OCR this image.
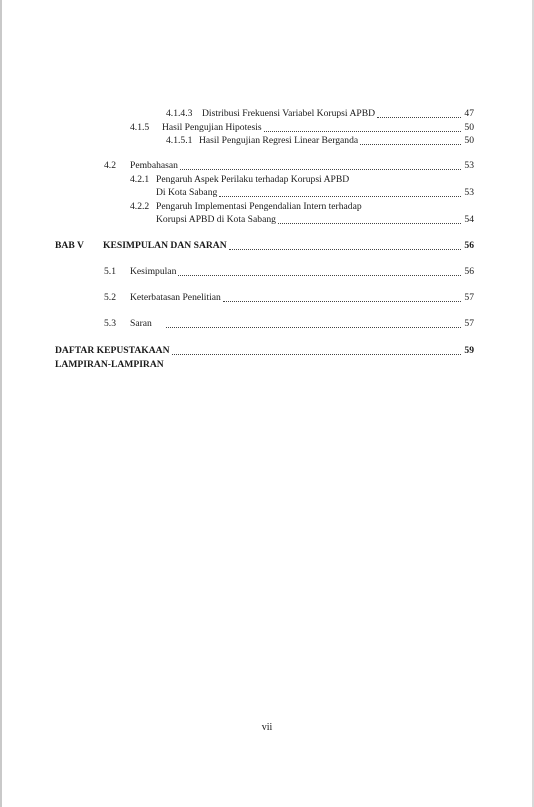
4.1.4.3	Distribusi Frekuensi Variabel Korupsi APBD	47
4.1.5	Hasil Pengujian Hipotesis	50
4.1.5.1 Hasil Pengujian Regresi Linear Berganda	50
4.2	Pembahasan	53
4.2.1 Pengaruh Aspek Perilaku terhadap Korupsi APBD
Di Kota Sabang	53
4.2.2 Pengaruh Implementasi Pengendalian Intern terhadap
Korupsi APBD di Kota Sabang	54
BAB V	KESIMPULAN DAN SARAN	56
5.1	Kesimpulan	56
5.2	Keterbatasan Penelitian	57
5.3	Saran	57
DAFTAR KEPUSTAKAAN	59
LAMPIRAN-LAMPIRAN
vii
